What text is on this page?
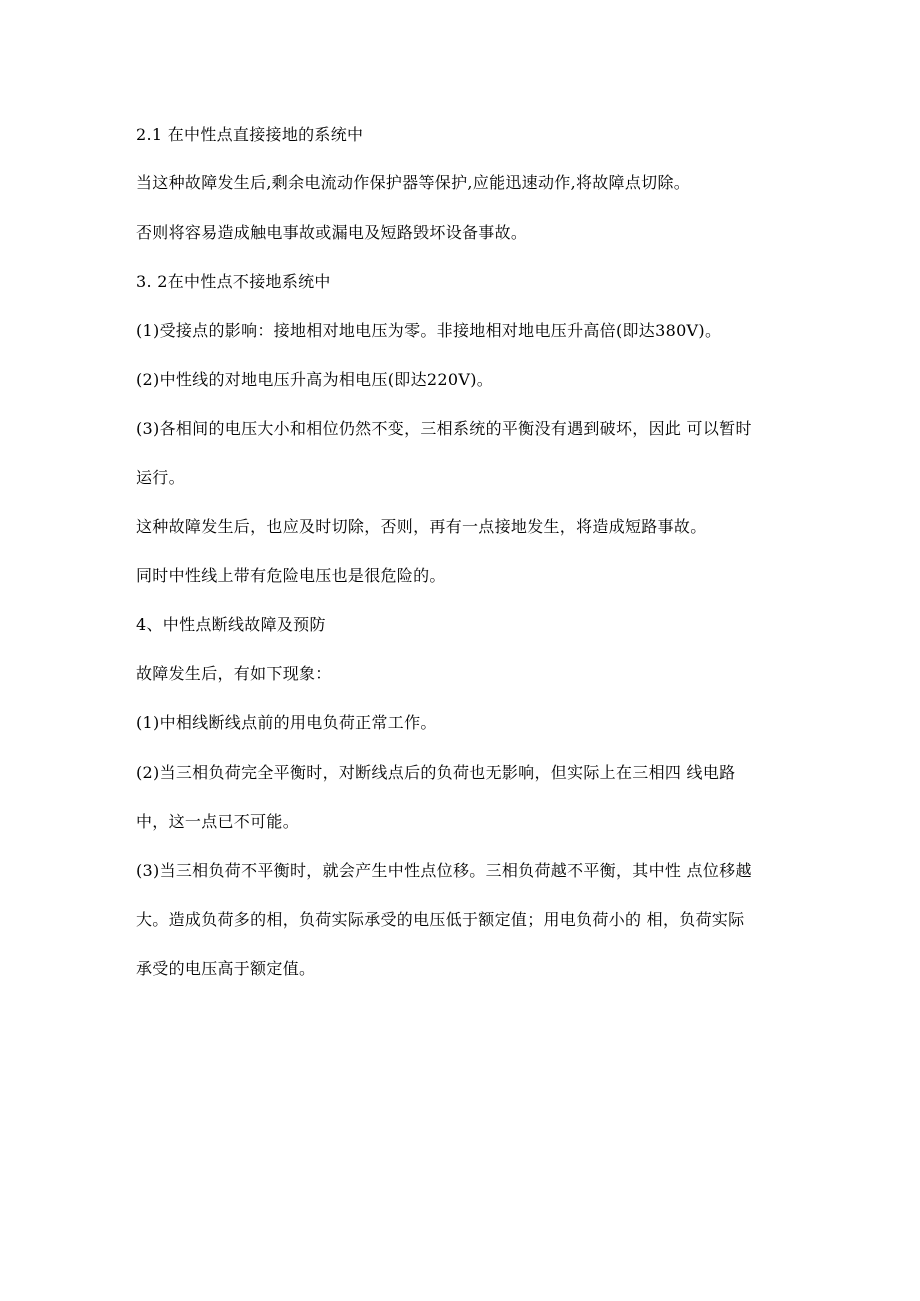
2.1 在中性点直接接地的系统中
当这种故障发生后,剩余电流动作保护器等保护,应能迅速动作,将故障点切除。
否则将容易造成触电事故或漏电及短路毁坏设备事故。
3. 2在中性点不接地系统中
(1)受接点的影响：接地相对地电压为零。非接地相对地电压升高倍(即达380V)。
(2)中性线的对地电压升高为相电压(即达220V)。
(3)各相间的电压大小和相位仍然不变，三相系统的平衡没有遇到破坏，因此 可以暂时
运行。
这种故障发生后，也应及时切除，否则，再有一点接地发生，将造成短路事故。
同时中性线上带有危险电压也是很危险的。
4、中性点断线故障及预防
故障发生后，有如下现象：
(1)中相线断线点前的用电负荷正常工作。
(2)当三相负荷完全平衡时，对断线点后的负荷也无影响，但实际上在三相四 线电路
中，这一点已不可能。
(3)当三相负荷不平衡时，就会产生中性点位移。三相负荷越不平衡，其中性 点位移越
大。造成负荷多的相，负荷实际承受的电压低于额定值；用电负荷小的 相，负荷实际
承受的电压高于额定值。
